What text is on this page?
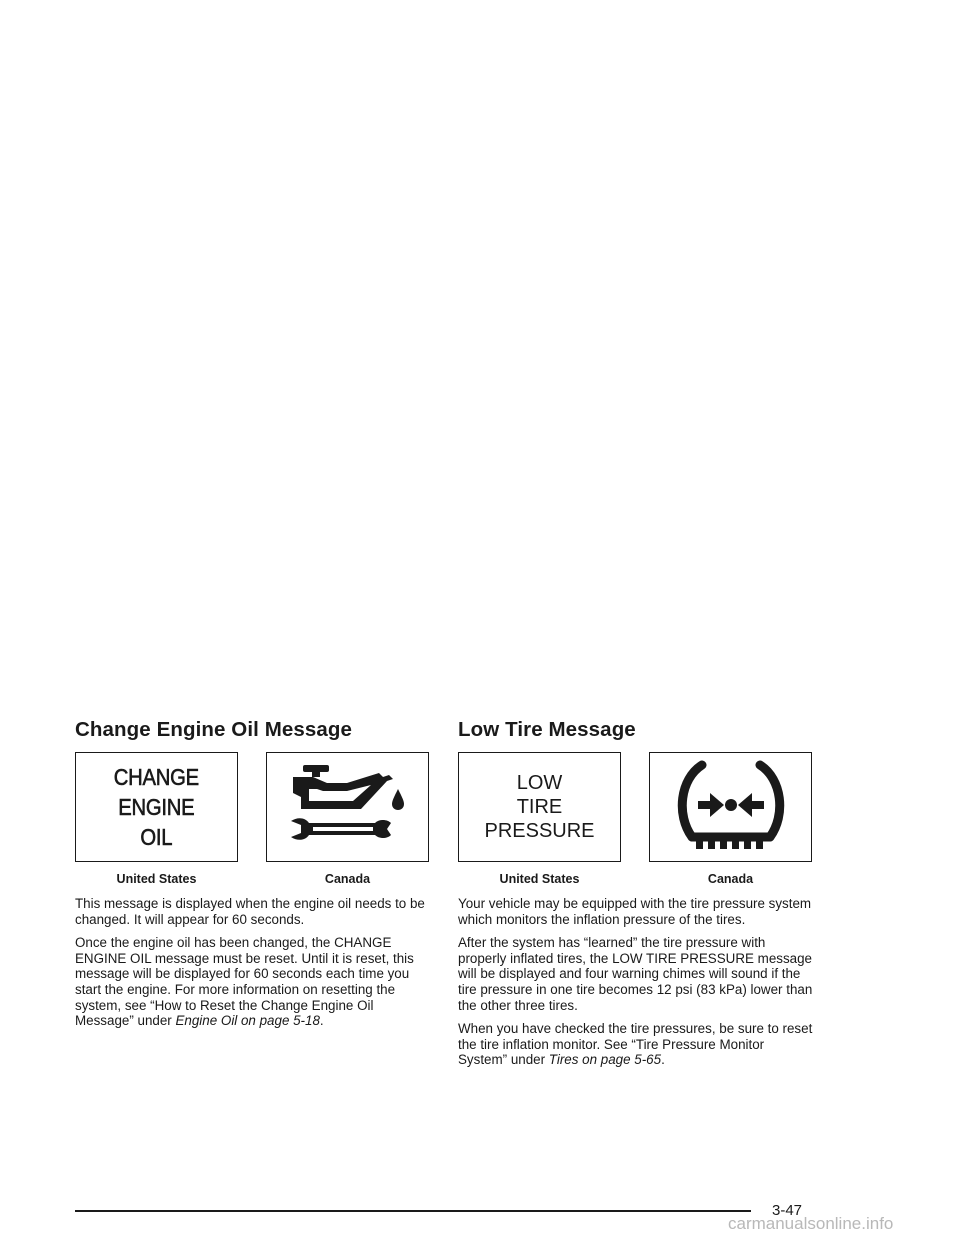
Change Engine Oil Message
CHANGE
ENGINE
OIL
United States	Canada

This message is displayed when the engine oil needs to be changed. It will appear for 60 seconds.

Once the engine oil has been changed, the CHANGE ENGINE OIL message must be reset. Until it is reset, this message will be displayed for 60 seconds each time you start the engine. For more information on resetting the system, see “How to Reset the Change Engine Oil Message” under Engine Oil on page 5-18.

Low Tire Message
LOW
TIRE
PRESSURE
United States	Canada

Your vehicle may be equipped with the tire pressure system which monitors the inflation pressure of the tires.

After the system has “learned” the tire pressure with properly inflated tires, the LOW TIRE PRESSURE message will be displayed and four warning chimes will sound if the tire pressure in one tire becomes 12 psi (83 kPa) lower than the other three tires.

When you have checked the tire pressures, be sure to reset the tire inflation monitor. See “Tire Pressure Monitor System” under Tires on page 5-65.

3-47
carmanualsonline.info
